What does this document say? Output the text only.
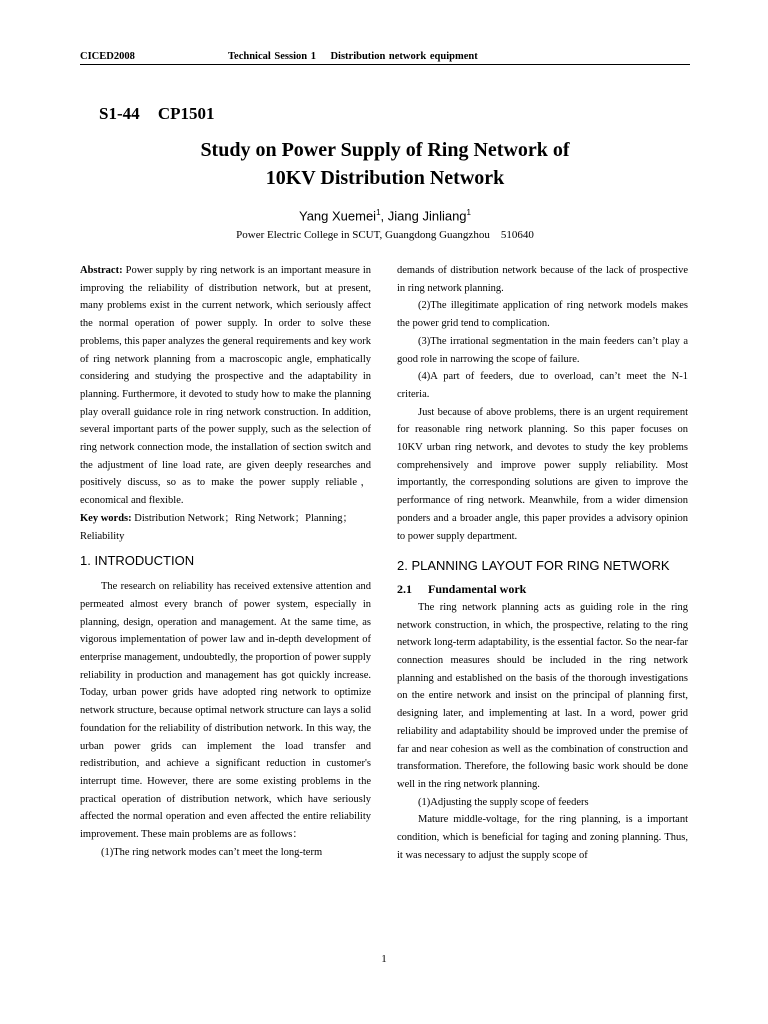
CICED2008	Technical Session 1    Distribution network equipment
S1-44 CP1501
Study on Power Supply of Ring Network of
10KV Distribution Network
Yang Xuemei$^1$, Jiang Jinliang$^1$
Power Electric College in SCUT, Guangdong Guangzhou    510640

Abstract: Power supply by ring network is an important measure in improving the reliability of distribution network, but at present, many problems exist in the current network, which seriously affect the normal operation of power supply. In order to solve these problems, this paper analyzes the general requirements and key work of ring network planning from a macroscopic angle, emphatically considering and studying the prospective and the adaptability in planning. Furthermore, it devoted to study how to make the planning play overall guidance role in ring network construction. In addition, several important parts of the power supply, such as the selection of ring network connection mode, the installation of section switch and the adjustment of line load rate, are given deeply researches and positively discuss, so as to make the power supply reliable，economical and flexible.

Key words: Distribution Network；Ring Network；Planning；Reliability

1. INTRODUCTION

The research on reliability has received extensive attention and permeated almost every branch of power system, especially in planning, design, operation and management. At the same time, as vigorous implementation of power law and in-depth development of enterprise management, undoubtedly, the proportion of power supply reliability in production and management has got quickly increase. Today, urban power grids have adopted ring network to optimize network structure, because optimal network structure can lays a solid foundation for the reliability of distribution network. In this way, the urban power grids can implement the load transfer and redistribution, and achieve a significant reduction in customer's interrupt time. However, there are some existing problems in the practical operation of distribution network, which have seriously affected the normal operation and even affected the entire reliability improvement. These main problems are as follows：

(1)The ring network modes can’t meet the long-term

demands of distribution network because of the lack of prospective in ring network planning.

(2)The illegitimate application of ring network models makes the power grid tend to complication.

(3)The irrational segmentation in the main feeders can’t play a good role in narrowing the scope of failure.

(4)A part of feeders, due to overload, can’t meet the N-1 criteria.

Just because of above problems, there is an urgent requirement for reasonable ring network planning. So this paper focuses on 10KV urban ring network, and devotes to study the key problems comprehensively and improve power supply reliability. Most importantly, the corresponding solutions are given to improve the performance of ring network. Meanwhile, from a wider dimension ponders and a broader angle, this paper provides a advisory opinion to power supply department.

2. PLANNING LAYOUT FOR RING NETWORK
2.1 Fundamental work

The ring network planning acts as guiding role in the ring network construction, in which, the prospective, relating to the ring network long-term adaptability, is the essential factor. So the near-far connection measures should be included in the ring network planning and established on the basis of the thorough investigations on the entire network and insist on the principal of planning first, designing later, and implementing at last. In a word, power grid reliability and adaptability should be improved under the premise of far and near cohesion as well as the combination of construction and transformation. Therefore, the following basic work should be done well in the ring network planning.

(1)Adjusting the supply scope of feeders

Mature middle-voltage, for the ring planning, is a important condition, which is beneficial for taging and zoning planning. Thus, it was necessary to adjust the supply scope of

1
